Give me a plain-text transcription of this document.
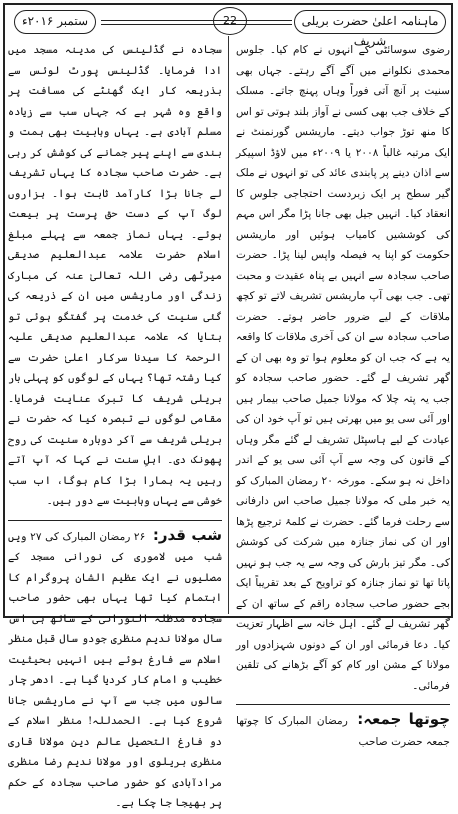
ماہنامہ اعلیٰ حضرت بریلی شریف
22
ستمبر ۲۰۱۶ء

رضوی سوسائٹی کے انہوں نے کام کیا۔ جلوس محمدی نکلوانے میں آگے آگے رہتے۔ جہاں بھی سنیت پر آنچ آتی فوراً وہاں پہنچ جاتے۔ مسلک کے خلاف جب بھی کسی نے آواز بلند ہوتی تو اس کا منھ توڑ جواب دیتے۔ ماریشس گورنمنٹ نے ایک مرتبہ غالباً ۲۰۰۸ یا ۲۰۰۹ء میں لاؤڈ اسپیکر سے اذان دینے پر پابندی عائد کی تو انہوں نے ملک گیر سطح پر ایک زبردست احتجاجی جلوس کا انعقاد کیا۔ انہیں جیل بھی جانا پڑا مگر اس مہم کی کوششیں کامیاب ہوئیں اور ماریشس حکومت کو اپنا یہ فیصلہ واپس لینا پڑا۔ حضرت صاحب سجادہ سے انہیں بے پناہ عقیدت و محبت تھی۔ جب بھی آپ ماریشس تشریف لاتے تو کچھ ملاقات کے لیے ضرور حاضر ہوتے۔ حضرت صاحب سجادہ سے ان کی آخری ملاقات کا واقعہ یہ ہے کہ جب ان کو معلوم ہوا تو وہ بھی ان کے گھر تشریف لے گئے۔ حضور صاحب سجادہ کو جب یہ پتہ چلا کہ مولانا جمیل صاحب بیمار ہیں اور آئی سی یو میں بھرتی ہیں تو آپ خود ان کی عیادت کے لیے ہاسپٹل تشریف لے گئے مگر وہاں کے قانون کی وجہ سے آپ آئی سی یو کے اندر داخل نہ ہو سکے۔ مورخہ ۲۰ رمضان المبارک کو یہ خبر ملی کہ مولانا جمیل صاحب اس دارفانی سے رحلت فرما گئے۔ حضرت نے کلمۂ ترجیع پڑھا اور ان کی نماز جنازہ میں شرکت کی کوشش کی۔ مگر تیز بارش کی وجہ سے یہ جب ہو نہیں پاتا تھا تو نماز جنازہ کو تراویح کے بعد تقریباً ایک بجے حضور صاحب سجادہ راقم کے ساتھ ان کے گھر تشریف لے گئے۔ اہل خانہ سے اظہار تعزیت کیا۔ دعا فرمائی اور ان کے دونوں شہزادوں اور مولانا کے مشن اور کام کو آگے بڑھانے کی تلقین فرمائی۔

چوتھا جمعہ: رمضان المبارک کا چوتھا جمعہ حضرت صاحب

سجادہ نے گڈلینس کی مدینہ مسجد میں ادا فرمایا۔ گڈلینس پورٹ لوئس سے بذریعہ کار ایک گھنٹے کی مسافت پر واقع وہ شہر ہے کہ جہاں سب سے زیادہ مسلم آبادی ہے۔ یہاں وہابیت بھی ہمت و بندی سے اپنے پیر جمانے کی کوشش کر رہی ہے۔ حضرت صاحب سجادہ کا یہاں تشریف لے جانا بڑا کارآمد ثابت ہوا۔ ہزاروں لوگ آپ کے دست حق پرست پر بیعت ہوئے۔ یہاں نماز جمعہ سے پہلے مبلغ اسلام حضرت علامہ عبدالعلیم صدیقی میرٹھی رضی اللہ تعالیٰ عنہ کی مبارک زندگی اور ماریشس میں ان کے ذریعہ کی گئی سنیت کی خدمت پر گفتگو ہوئی تو بتایا کہ علامہ عبدالعلیم صدیقی علیہ الرحمۃ کا سیدنا سرکار اعلیٰ حضرت سے کیا رشتہ تھا؟ یہاں کے لوگوں کو پہلی بار بریلی شریف کا تبرک عنایت فرمایا۔ مقامی لوگوں نے تبصرہ کیا کہ حضرت نے بریلی شریف سے آکر دوبارہ سنیت کی روح پھونک دی۔ اہلِ سنت نے کہا کہ آپ آتے رہیں یہ ہمارا بڑا کام ہوگا، اب سب خوشی سے یہاں وہابیت سے دور ہیں۔

شب قدر: ۲۶ رمضان المبارک کی ۲۷ ویں شب میں لاموری کی نورانی مسجد کے مصلیوں نے ایک عظیم الشان پروگرام کا اہتمام کیا تھا یہاں بھی حضور صاحب سجادہ مدظلہ النورانی کے ساتھ ہی اس سال مولانا ندیم منظری جودو سال قبل منظر اسلام سے فارغ ہوئے ہیں انہیں بحیثیت خطیب و امام کار کردیا گیا ہے۔ ادھر چار سالوں میں جب سے آپ نے ماریشس جانا شروع کیا ہے۔ الحمدللہ! منظر اسلام کے دو فارغ التحصیل عالم دین مولانا قاری منظری بریلوی اور مولانا ندیم رضا منظری مرادآبادی کو حضور صاحب سجادہ کے حکم پر بھیجا جا چکا ہے۔
